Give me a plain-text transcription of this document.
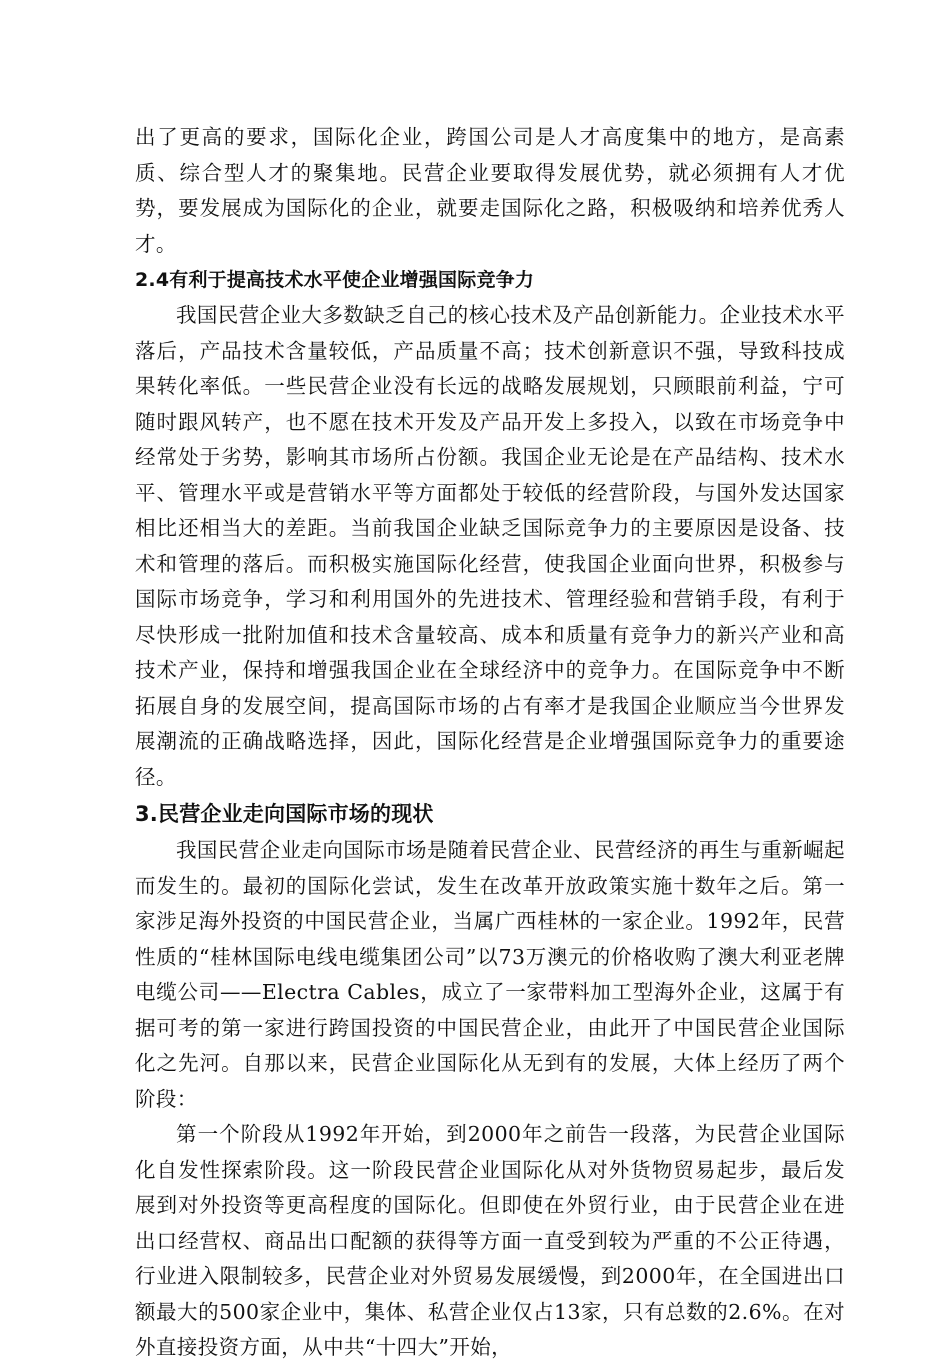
出了更高的要求，国际化企业，跨国公司是人才高度集中的地方，是高素质、综合型人才的聚集地。民营企业要取得发展优势，就必须拥有人才优势，要发展成为国际化的企业，就要走国际化之路，积极吸纳和培养优秀人才。

2.4有利于提高技术水平使企业增强国际竞争力

我国民营企业大多数缺乏自己的核心技术及产品创新能力。企业技术水平落后，产品技术含量较低，产品质量不高；技术创新意识不强，导致科技成果转化率低。一些民营企业没有长远的战略发展规划，只顾眼前利益，宁可随时跟风转产，也不愿在技术开发及产品开发上多投入，以致在市场竞争中经常处于劣势，影响其市场所占份额。我国企业无论是在产品结构、技术水平、管理水平或是营销水平等方面都处于较低的经营阶段，与国外发达国家相比还相当大的差距。当前我国企业缺乏国际竞争力的主要原因是设备、技术和管理的落后。而积极实施国际化经营，使我国企业面向世界，积极参与国际市场竞争，学习和利用国外的先进技术、管理经验和营销手段，有利于尽快形成一批附加值和技术含量较高、成本和质量有竞争力的新兴产业和高技术产业，保持和增强我国企业在全球经济中的竞争力。在国际竞争中不断拓展自身的发展空间，提高国际市场的占有率才是我国企业顺应当今世界发展潮流的正确战略选择，因此，国际化经营是企业增强国际竞争力的重要途径。

3.民营企业走向国际市场的现状

我国民营企业走向国际市场是随着民营企业、民营经济的再生与重新崛起而发生的。最初的国际化尝试，发生在改革开放政策实施十数年之后。第一家涉足海外投资的中国民营企业，当属广西桂林的一家企业。1992年，民营性质的“桂林国际电线电缆集团公司”以73万澳元的价格收购了澳大利亚老牌电缆公司——Electra Cables，成立了一家带料加工型海外企业，这属于有据可考的第一家进行跨国投资的中国民营企业，由此开了中国民营企业国际化之先河。自那以来，民营企业国际化从无到有的发展，大体上经历了两个阶段：

第一个阶段从1992年开始，到2000年之前告一段落，为民营企业国际化自发性探索阶段。这一阶段民营企业国际化从对外货物贸易起步，最后发展到对外投资等更高程度的国际化。但即使在外贸行业，由于民营企业在进出口经营权、商品出口配额的获得等方面一直受到较为严重的不公正待遇，行业进入限制较多，民营企业对外贸易发展缓慢，到2000年，在全国进出口额最大的500家企业中，集体、私营企业仅占13家，只有总数的2.6%。在对外直接投资方面，从中共“十四大”开始，
